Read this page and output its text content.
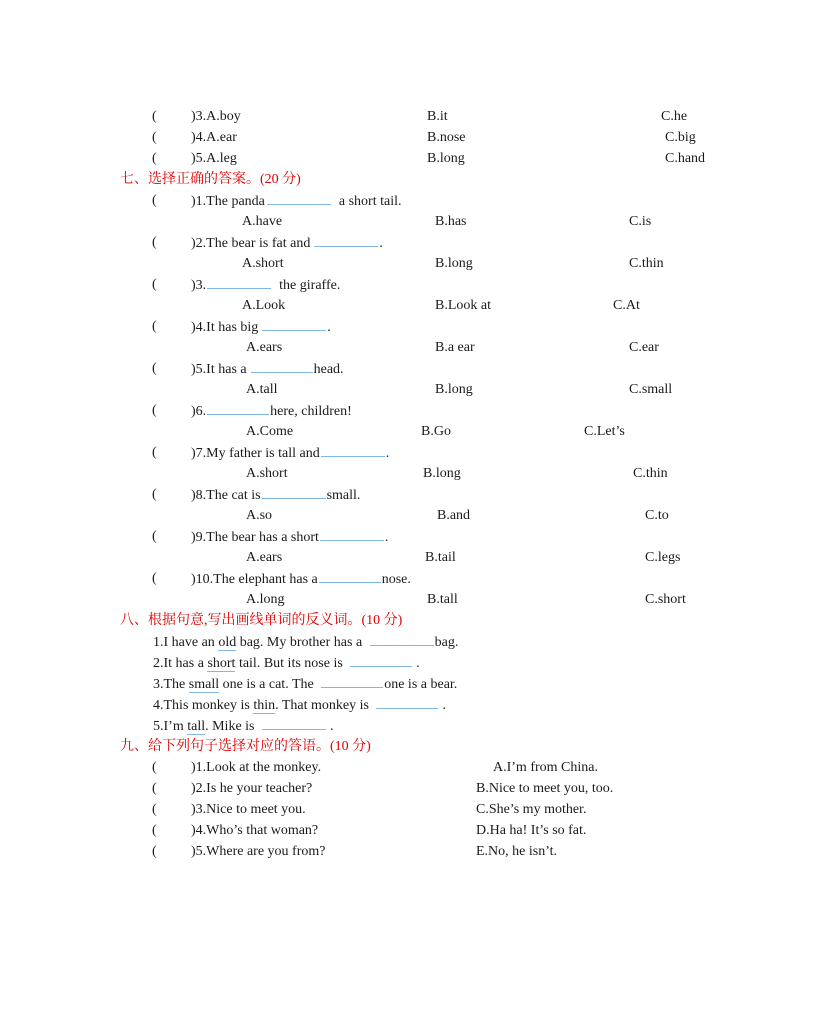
( )3.A.boy	B.it	C.he
( )4.A.ear	B.nose	C.big
( )5.A.leg	B.long	C.hand
七、选择正确的答案。(20 分)
( )1.The panda	a short tail.
A.have	B.has	C.is
( )2.The bear is fat and	.
A.short	B.long	C.thin
( )3.	the giraffe.
A.Look	B.Look at	C.At
( )4.It has big	.
A.ears	B.a ear	C.ear
( )5.It has a	head.
A.tall	B.long	C.small
( )6.	here, children!
A.Come	B.Go	C.Let’s
( )7.My father is tall and	.
A.short	B.long	C.thin
( )8.The cat is	small.
A.so	B.and	C.to
( )9.The bear has a short	.
A.ears	B.tail	C.legs
( )10.The elephant has a	nose.
A.long	B.tall	C.short
八、根据句意,写出画线单词的反义词。(10 分)
1.I have an old bag. My brother has a	bag.
2.It has a short tail. But its nose is	.
3.The small one is a cat. The	one is a bear.
4.This monkey is thin. That monkey is	.
5.I’m tall. Mike is	.
九、给下列句子选择对应的答语。(10 分)
( )1.Look at the monkey.	A.I’m from China.
( )2.Is he your teacher?	B.Nice to meet you, too.
( )3.Nice to meet you.	C.She’s my mother.
( )4.Who’s that woman?	D.Ha ha! It’s so fat.
( )5.Where are you from?	E.No, he isn’t.
